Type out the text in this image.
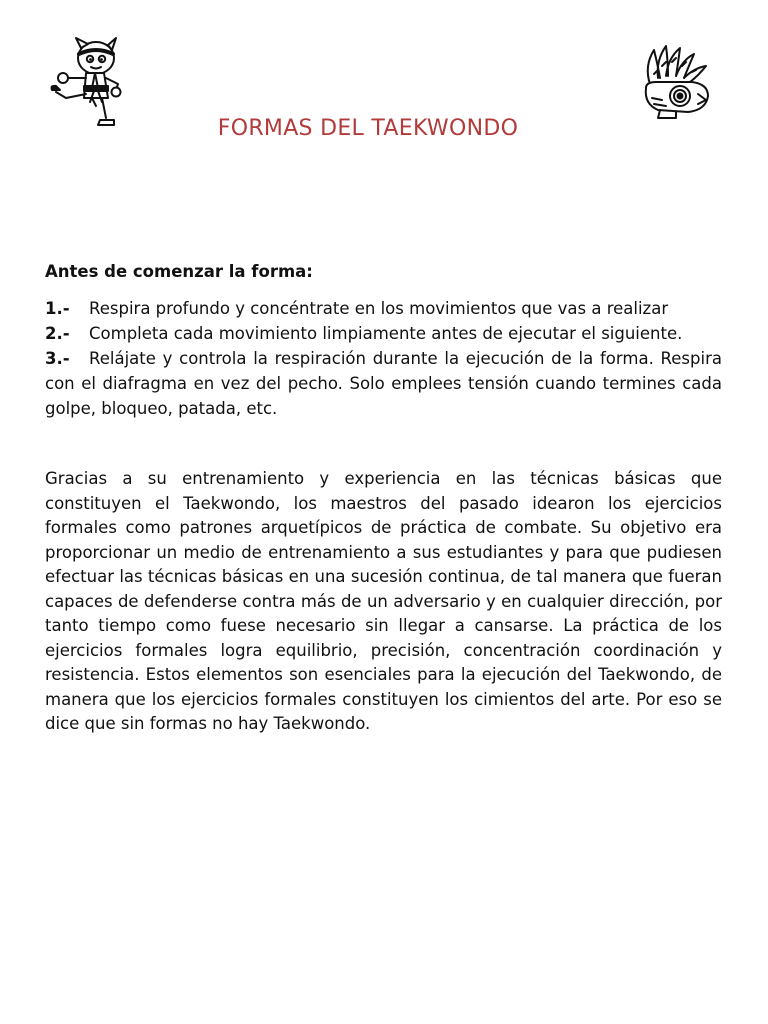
FORMAS DEL TAEKWONDO

Antes de comenzar la forma:

1.- Respira profundo y concéntrate en los movimientos que vas a realizar

2.- Completa cada movimiento limpiamente antes de ejecutar el siguiente.

3.- Relájate y controla la respiración durante la ejecución de la forma. Respira con el diafragma en vez del pecho. Solo emplees tensión cuando termines cada golpe, bloqueo, patada, etc.

Gracias a su entrenamiento y experiencia en las técnicas básicas que constituyen el Taekwondo, los maestros del pasado idearon los ejercicios formales como patrones arquetípicos de práctica de combate. Su objetivo era proporcionar un medio de entrenamiento a sus estudiantes y para que pudiesen efectuar las técnicas básicas en una sucesión continua, de tal manera que fueran capaces de defenderse contra más de un adversario y en cualquier dirección, por tanto tiempo como fuese necesario sin llegar a cansarse. La práctica de los ejercicios formales logra equilibrio, precisión, concentración coordinación y resistencia. Estos elementos son esenciales para la ejecución del Taekwondo, de manera que los ejercicios formales constituyen los cimientos del arte. Por eso se dice que sin formas no hay Taekwondo.
